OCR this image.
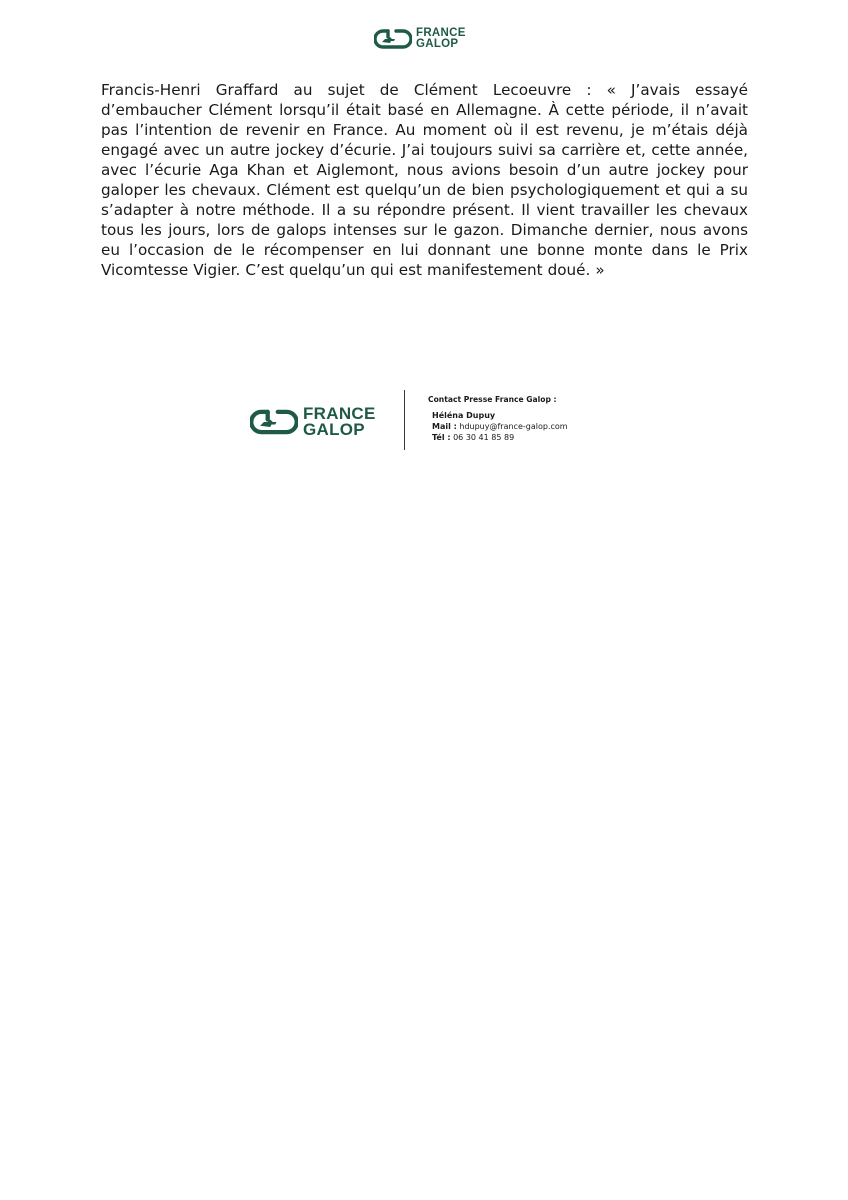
FRANCE
GALOP

Francis-Henri Graffard au sujet de Clément Lecoeuvre : « J’avais essayé d’embaucher Clément lorsqu’il était basé en Allemagne. À cette période, il n’avait pas l’intention de revenir en France. Au moment où il est revenu, je m’étais déjà engagé avec un autre jockey d’écurie. J’ai toujours suivi sa carrière et, cette année, avec l’écurie Aga Khan et Aiglemont, nous avions besoin d’un autre jockey pour galoper les chevaux. Clément est quelqu’un de bien psychologiquement et qui a su s’adapter à notre méthode. Il a su répondre présent. Il vient travailler les chevaux tous les jours, lors de galops intenses sur le gazon. Dimanche dernier, nous avons eu l’occasion de le récompenser en lui donnant une bonne monte dans le Prix Vicomtesse Vigier. C’est quelqu’un qui est manifestement doué. »

FRANCE
GALOP
Contact Presse France Galop :
Héléna Dupuy
Mail : hdupuy@france-galop.com
Tél : 06 30 41 85 89
